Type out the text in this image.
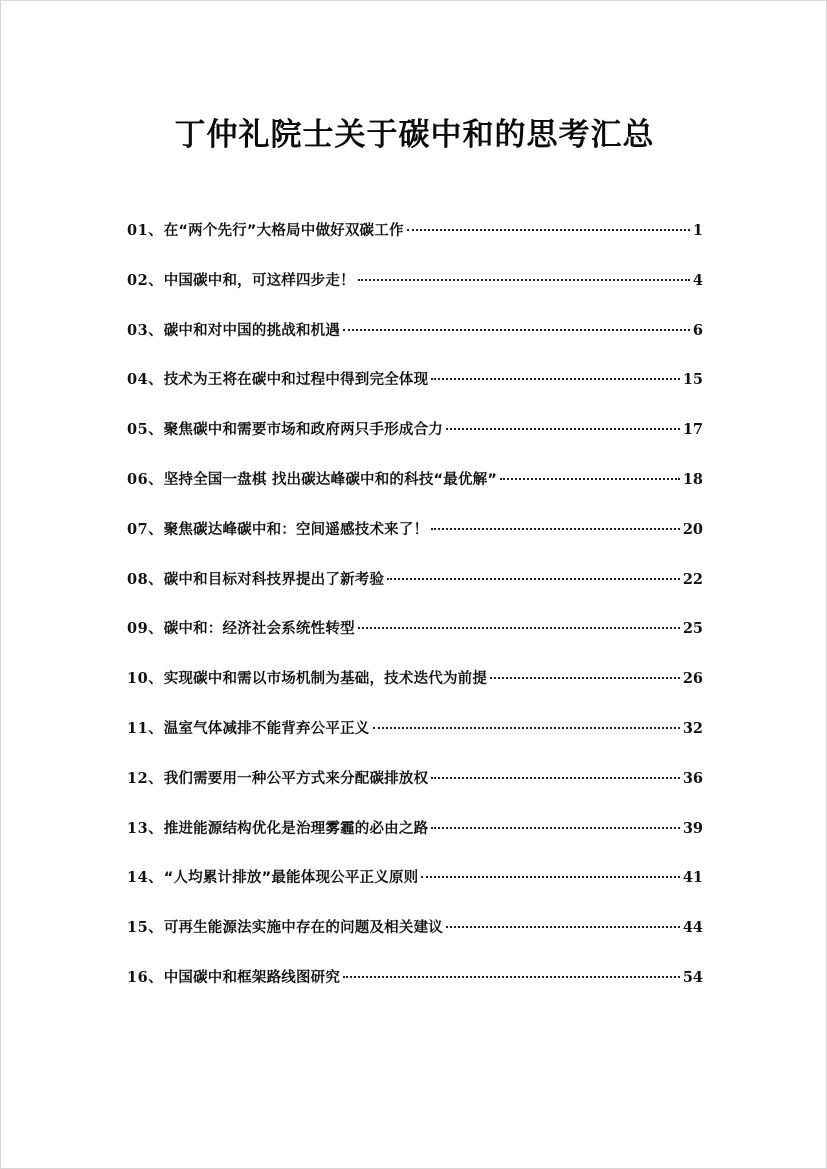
丁仲礼院士关于碳中和的思考汇总
01 、 在“两个先行”大格局中做好双碳工作	1
02 、 中国碳中和，可这样四步走！	4
03 、 碳中和对中国的挑战和机遇	6
04 、 技术为王将在碳中和过程中得到完全体现	15
05 、 聚焦碳中和需要市场和政府两只手形成合力	17
06 、 坚持全国一盘棋 找出碳达峰碳中和的科技“最优解”	18
07 、 聚焦碳达峰碳中和：空间遥感技术来了！	20
08 、 碳中和目标对科技界提出了新考验	22
09 、 碳中和：经济社会系统性转型	25
10 、 实现碳中和需以市场机制为基础，技术迭代为前提	26
11 、 温室气体减排不能背弃公平正义	32
12 、 我们需要用一种公平方式来分配碳排放权	36
13 、 推进能源结构优化是治理雾霾的必由之路	39
14 、 “人均累计排放”最能体现公平正义原则	41
15 、 可再生能源法实施中存在的问题及相关建议	44
16 、 中国碳中和框架路线图研究	54
